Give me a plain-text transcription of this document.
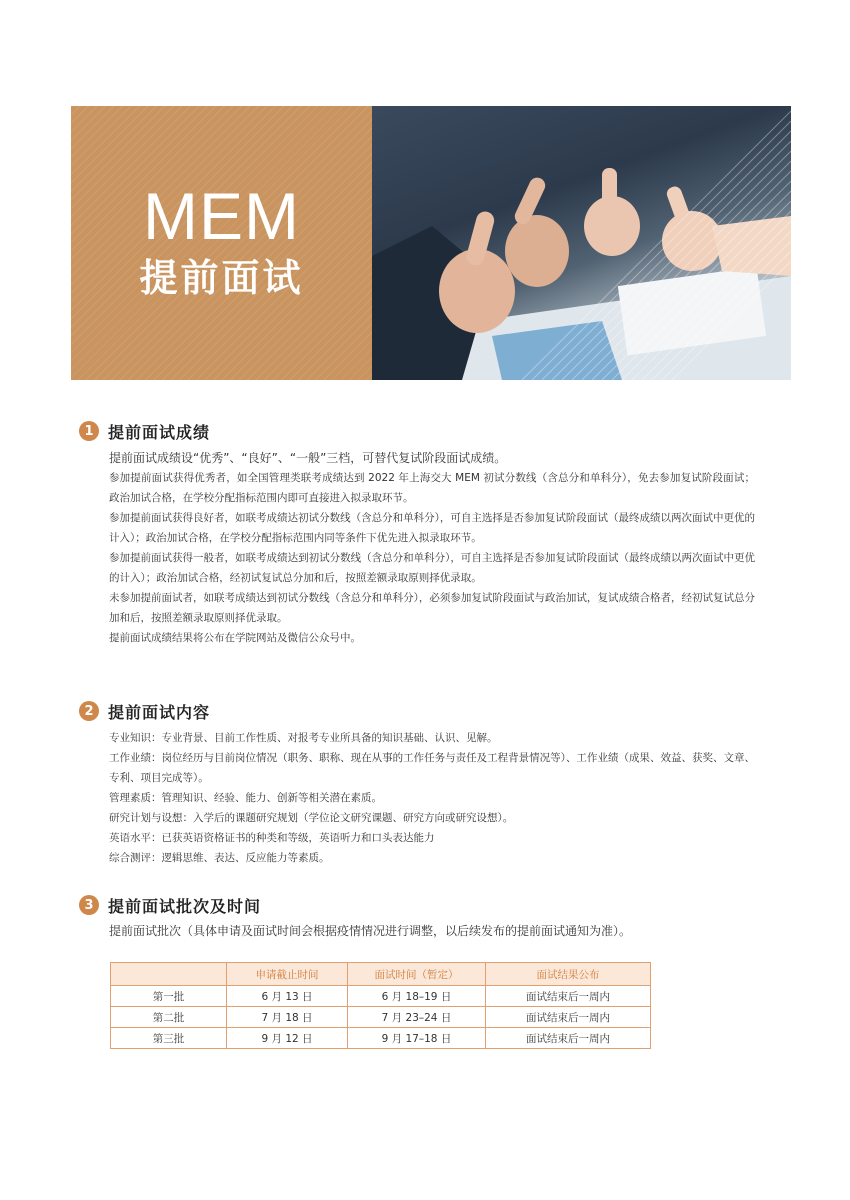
MEM
提前面试
1 提前面试成绩
提前面试成绩设“优秀”、“良好”、“一般”三档，可替代复试阶段面试成绩。
参加提前面试获得优秀者，如全国管理类联考成绩达到 2022 年上海交大 MEM 初试分数线（含总分和单科分），免去参加复试阶段面试；政治加试合格，在学校分配指标范围内即可直接进入拟录取环节。
参加提前面试获得良好者，如联考成绩达初试分数线（含总分和单科分），可自主选择是否参加复试阶段面试（最终成绩以两次面试中更优的计入）；政治加试合格，在学校分配指标范围内同等条件下优先进入拟录取环节。
参加提前面试获得一般者，如联考成绩达到初试分数线（含总分和单科分），可自主选择是否参加复试阶段面试（最终成绩以两次面试中更优的计入）；政治加试合格，经初试复试总分加和后，按照差额录取原则择优录取。
未参加提前面试者，如联考成绩达到初试分数线（含总分和单科分），必须参加复试阶段面试与政治加试，复试成绩合格者，经初试复试总分加和后，按照差额录取原则择优录取。
提前面试成绩结果将公布在学院网站及微信公众号中。
2 提前面试内容
专业知识：专业背景、目前工作性质、对报考专业所具备的知识基础、认识、见解。
工作业绩：岗位经历与目前岗位情况（职务、职称、现在从事的工作任务与责任及工程背景情况等）、工作业绩（成果、效益、获奖、文章、专利、项目完成等）。
管理素质：管理知识、经验、能力、创新等相关潜在素质。
研究计划与设想：入学后的课题研究规划（学位论文研究课题、研究方向或研究设想）。
英语水平：已获英语资格证书的种类和等级，英语听力和口头表达能力
综合测评：逻辑思维、表达、反应能力等素质。
3 提前面试批次及时间
提前面试批次（具体申请及面试时间会根据疫情情况进行调整，以后续发布的提前面试通知为准）。
	申请截止时间	面试时间（暂定）	面试结果公布
第一批	6 月 13 日	6 月 18–19 日	面试结束后一周内
第二批	7 月 18 日	7 月 23–24 日	面试结束后一周内
第三批	9 月 12 日	9 月 17–18 日	面试结束后一周内
